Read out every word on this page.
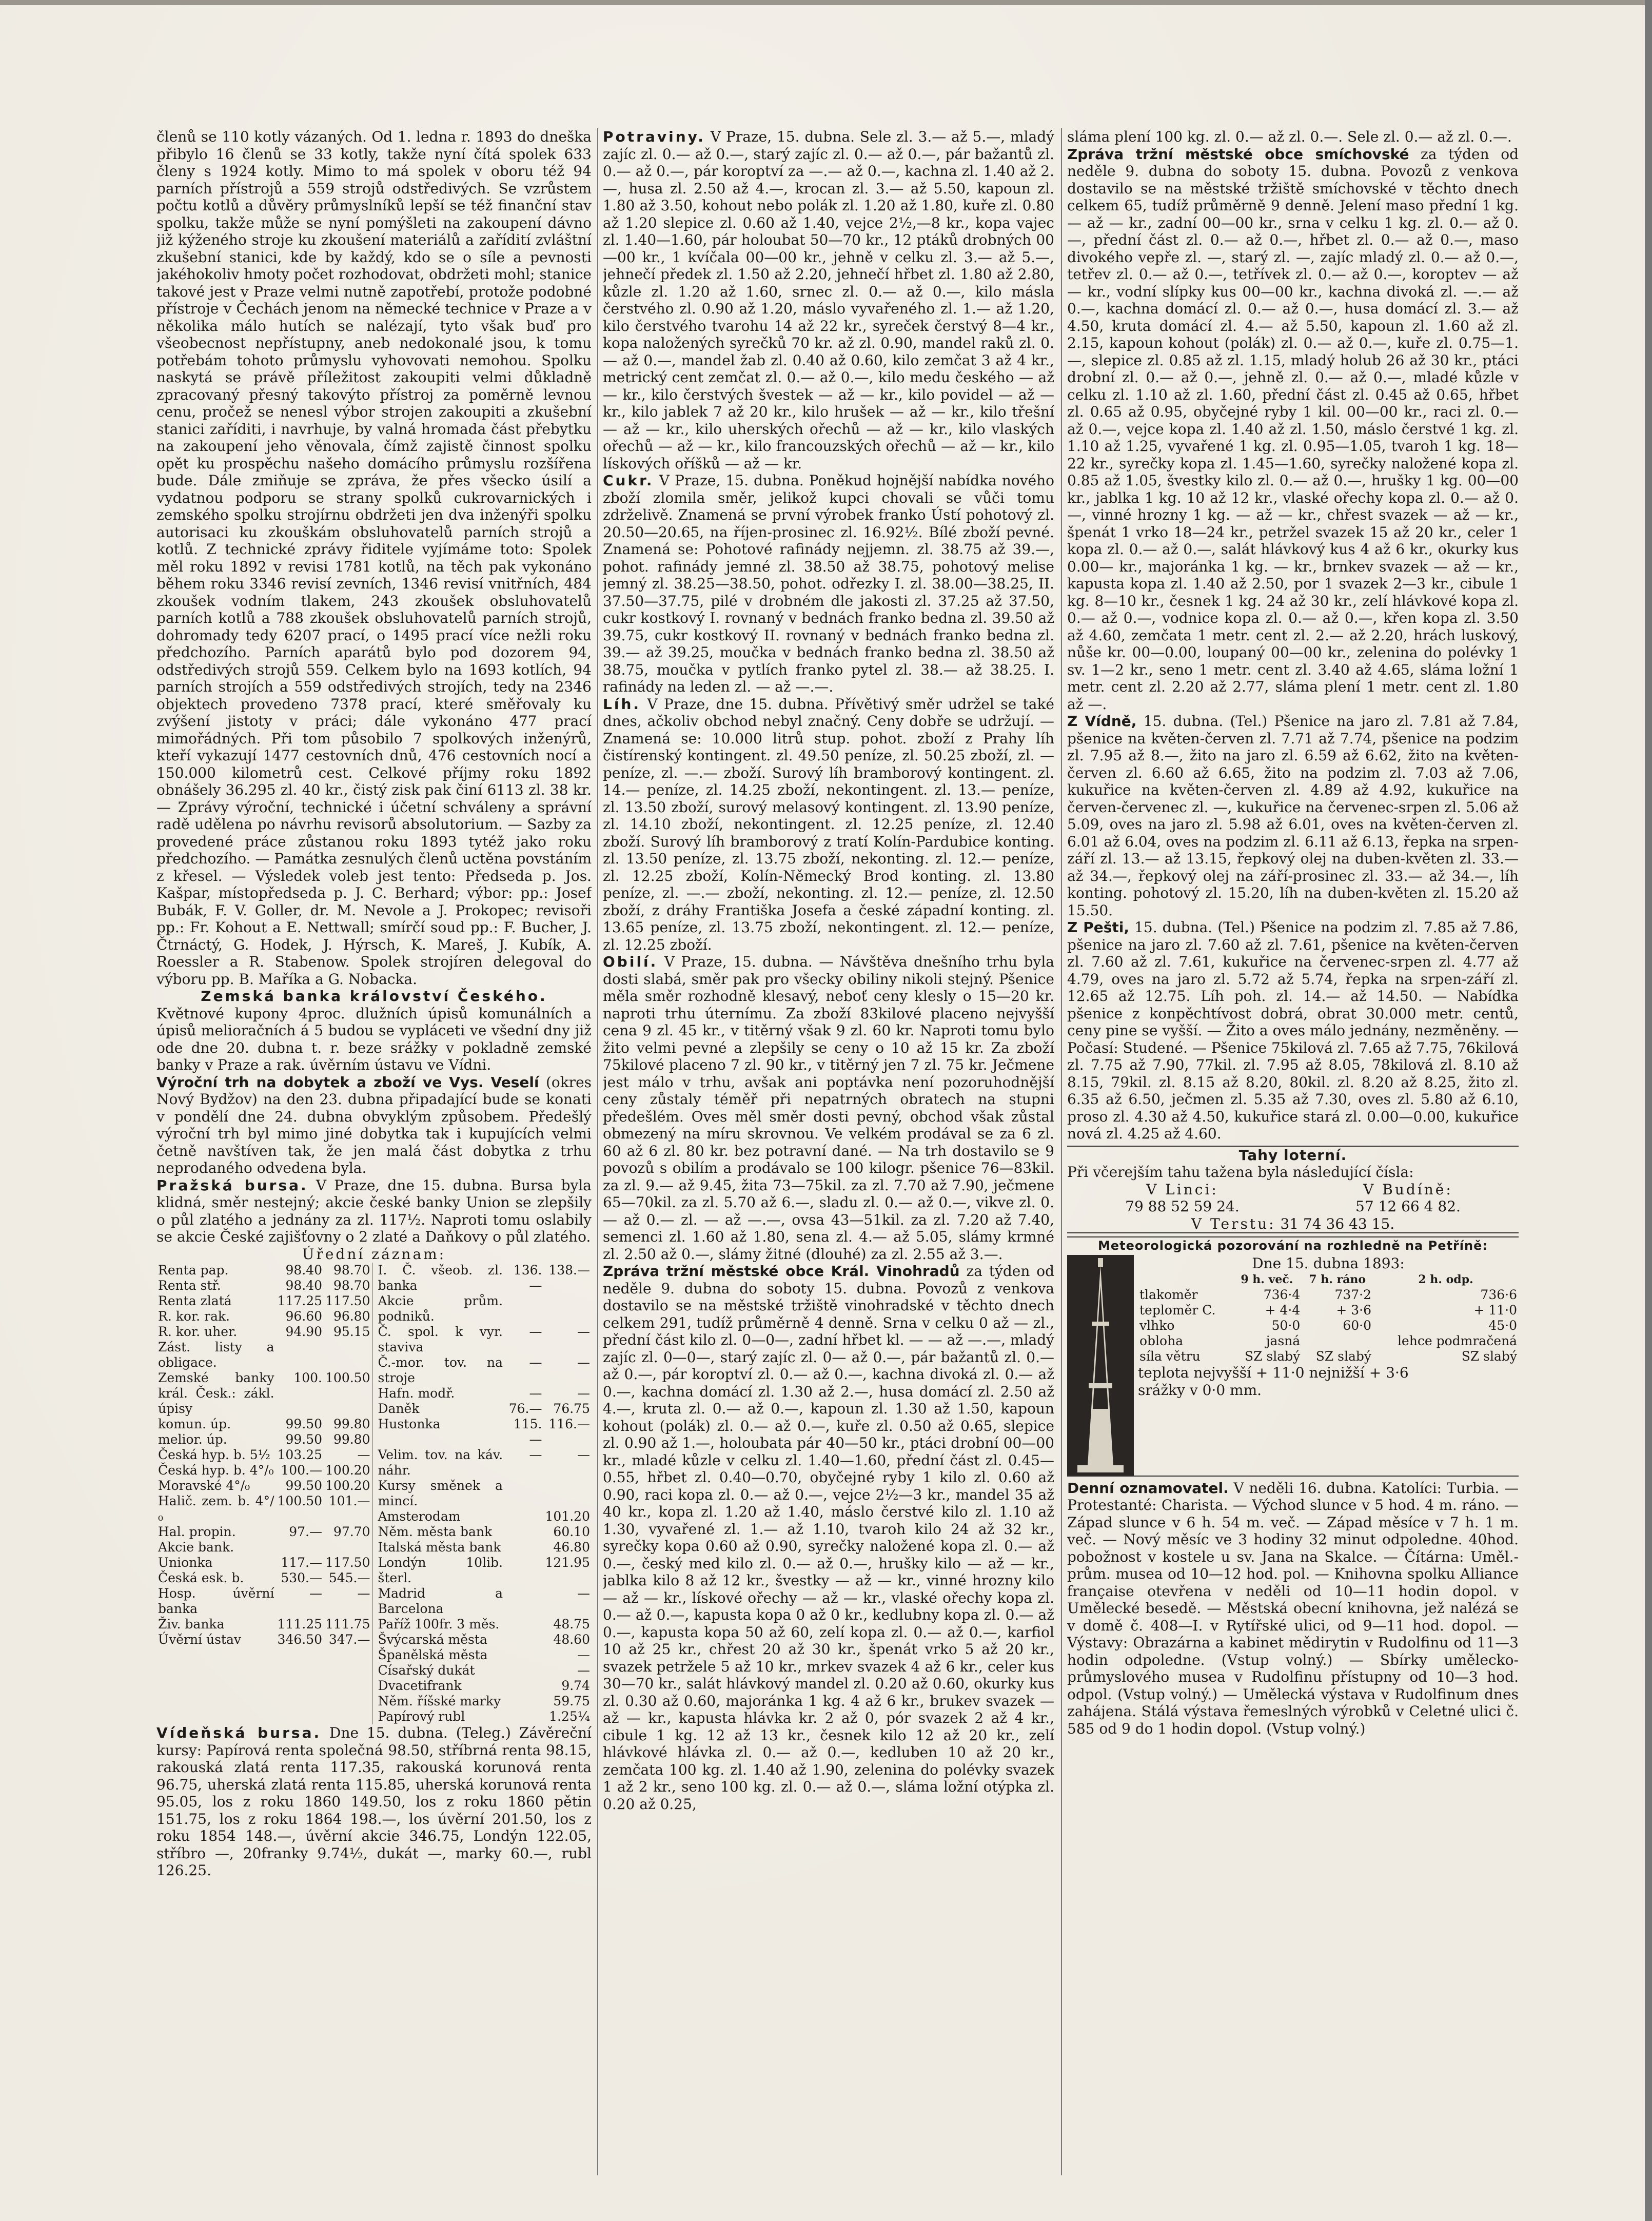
členů se 110 kotly vázaných. Od 1. ledna r. 1893 do dneška přibylo 16 členů se 33 kotly, takže nyní čítá spolek 633 členy s 1924 kotly. Mimo to má spolek v oboru též 94 parních přístrojů a 559 strojů odstředivých. Se vzrůstem počtu kotlů a důvěry průmyslníků lepší se též finanční stav spolku, takže může se nyní pomýšleti na zakoupení dávno již kýženého stroje ku zkoušení materiálů a zařídití zvláštní zkušební stanici, kde by každý, kdo se o síle a pevnosti jakéhokoliv hmoty počet rozhodovat, obdržeti mohl; stanice takové jest v Praze velmi nutně zapotřebí, protože podobné přístroje v Čechách jenom na německé technice v Praze a v několika málo hutích se nalézají, tyto však buď pro všeobecnost nepřístupny, aneb nedokonalé jsou, k tomu potřebám tohoto průmyslu vyhovovati nemohou. Spolku naskytá se právě příležitost zakoupiti velmi důkladně zpracovaný přesný takovýto přístroj za poměrně levnou cenu, pročež se nenesl výbor strojen zakoupiti a zkušební stanici zaříditi, i navrhuje, by valná hromada část přebytku na zakoupení jeho věnovala, čímž zajistě činnost spolku opět ku prospěchu našeho domácího průmyslu rozšířena bude. Dále zmiňuje se zpráva, že přes všecko úsilí a vydatnou podporu se strany spolků cukrovarnických i zemského spolku strojírnu obdržeti jen dva inženýři spolku autorisaci ku zkouškám obsluhovatelů parních strojů a kotlů. Z technické zprávy řiditele vyjímáme toto: Spolek měl roku 1892 v revisi 1781 kotlů, na těch pak vykonáno během roku 3346 revisí zevních, 1346 revisí vnitřních, 484 zkoušek vodním tlakem, 243 zkoušek obsluhovatelů parních kotlů a 788 zkoušek obsluhovatelů parních strojů, dohromady tedy 6207 prací, o 1495 prací více nežli roku předchozího. Parních aparátů bylo pod dozorem 94, odstředivých strojů 559. Celkem bylo na 1693 kotlích, 94 parních strojích a 559 odstředivých strojích, tedy na 2346 objektech provedeno 7378 prací, které směřovaly ku zvýšení jistoty v práci; dále vykonáno 477 prací mimořádných. Při tom působilo 7 spolkových inženýrů, kteří vykazují 1477 cestovních dnů, 476 cestovních nocí a 150.000 kilometrů cest. Celkové příjmy roku 1892 obnášely 36.295 zl. 40 kr., čistý zisk pak činí 6113 zl. 38 kr. — Zprávy výroční, technické i účetní schváleny a správní radě udělena po návrhu revisorů absolutorium. — Sazby za provedené práce zůstanou roku 1893 tytéž jako roku předchozího. — Památka zesnulých členů uctěna povstáním z křesel. — Výsledek voleb jest tento: Předseda p. Jos. Kašpar, místopředseda p. J. C. Berhard; výbor: pp.: Josef Bubák, F. V. Goller, dr. M. Nevole a J. Prokopec; revisoři pp.: Fr. Kohout a E. Nettwall; smírčí soud pp.: F. Bucher, J. Čtrnáctý, G. Hodek, J. Hýrsch, K. Mareš, J. Kubík, A. Roessler a R. Stabenow. Spolek strojíren delegoval do výboru pp. B. Maříka a G. Nobacka.

Zemská banka království Českého.

Květnové kupony 4proc. dlužních úpisů komunálních a úpisů melioračních á 5 budou se vypláceti ve všední dny již ode dne 20. dubna t. r. beze srážky v pokladně zemské banky v Praze a rak. úvěrním ústavu ve Vídni.

Výroční trh na dobytek a zboží ve Vys. Veselí (okres Nový Bydžov) na den 23. dubna připadající bude se konati v pondělí dne 24. dubna obvyklým způsobem. Předešlý výroční trh byl mimo jiné dobytka tak i kupujících velmi četně navštíven tak, že jen malá část dobytka z trhu neprodaného odvedena byla.

Pražská bursa. V Praze, dne 15. dubna. Bursa byla klidná, směr nestejný; akcie české banky Union se zlepšily o půl zlatého a jednány za zl. 117½. Naproti tomu oslabily se akcie České zajišťovny o 2 zlaté a Daňkovy o půl zlatého.

Úřední záznam:

Renta pap.	98.40	98.70
Renta stř.	98.40	98.70
Renta zlatá	117.25	117.50
R. kor. rak.	96.60	96.80
R. kor. uher.	94.90	95.15
Zást. listy a obligace.		
Zemské banky král. Česk.: zákl. úpisy	100.	100.50
komun. úp.	99.50	99.80
melior. úp.	99.50	99.80
Česká hyp. b. 5⅟₂	103.25	—
Česká hyp. b. 4°/₀	100.—	100.20
Moravské 4°/₀	99.50	100.20
Halič. zem. b. 4°/₀	100.50	101.—
Hal. propin.	97.—	97.70
Akcie bank.		
Unionka	117.—	117.50
Česká esk. b.	530.—	545.—
Hosp. úvěrní banka	—	—
Živ. banka	111.25	111.75
Úvěrní ústav	346.50	347.—
I. Č. všeob. zl. banka	136.—	138.—
Akcie prům. podniků.		
Č. spol. k vyr. staviva	—	—
Č.-mor. tov. na stroje	—	—
Hafn. modř.	—	—
Daněk	76.—	76.75
Hustonka	115.—	116.—
Velim. tov. na káv. náhr.	—	—
Kursy směnek a mincí.		
Amsterodam		101.20
Něm. města bank		60.10
Italská města bank		46.80
Londýn 10lib. šterl.		121.95
Madrid a Barcelona		—
Paříž 100fr. 3 měs.		48.75
Švýcarská města		48.60
Španělská města		—
Císařský dukát		—
Dvacetifrank		9.74
Něm. říšské marky		59.75
Papírový rubl		1.25⅟₄

Vídeňská bursa. Dne 15. dubna. (Teleg.) Závěreční kursy: Papírová renta společná 98.50, stříbrná renta 98.15, rakouská zlatá renta 117.35, rakouská korunová renta 96.75, uherská zlatá renta 115.85, uherská korunová renta 95.05, los z roku 1860 149.50, los z roku 1860 pětin 151.75, los z roku 1864 198.—, los úvěrní 201.50, los z roku 1854 148.—, úvěrní akcie 346.75, Londýn 122.05, stříbro —, 20franky 9.74⅟₂, dukát —, marky 60.—, rubl 126.25.

Potraviny. V Praze, 15. dubna. Sele zl. 3.— až 5.—, mladý zajíc zl. 0.— až 0.—, starý zajíc zl. 0.— až 0.—, pár bažantů zl. 0.— až 0.—, pár koroptví za —.— až 0.—, kachna zl. 1.40 až 2.—, husa zl. 2.50 až 4.—, krocan zl. 3.— až 5.50, kapoun zl. 1.80 až 3.50, kohout nebo polák zl. 1.20 až 1.80, kuře zl. 0.80 až 1.20 slepice zl. 0.60 až 1.40, vejce 2⅟₂,—8 kr., kopa vajec zl. 1.40—1.60, pár holoubat 50—70 kr., 12 ptáků drobných 00—00 kr., 1 kvíčala 00—00 kr., jehně v celku zl. 3.— až 5.—, jehnečí předek zl. 1.50 až 2.20, jehnečí hřbet zl. 1.80 až 2.80, kůzle zl. 1.20 až 1.60, srnec zl. 0.— až 0.—, kilo másla čerstvého zl. 0.90 až 1.20, máslo vyvařeného zl. 1.— až 1.20, kilo čerstvého tvarohu 14 až 22 kr., syreček čerstvý 8—4 kr., kopa naložených syrečků 70 kr. až zl. 0.90, mandel raků zl. 0.— až 0.—, mandel žab zl. 0.40 až 0.60, kilo zemčat 3 až 4 kr., metrický cent zemčat zl. 0.— až 0.—, kilo medu českého — až — kr., kilo čerstvých švestek — až — kr., kilo povidel — až — kr., kilo jablek 7 až 20 kr., kilo hrušek — až — kr., kilo třešní — až — kr., kilo uherských ořechů — až — kr., kilo vlaských ořechů — až — kr., kilo francouzských ořechů — až — kr., kilo lískových oříšků — až — kr.

Cukr. V Praze, 15. dubna. Poněkud hojnější nabídka nového zboží zlomila směr, jelikož kupci chovali se vůči tomu zdrželivě. Znamená se první výrobek franko Ústí pohotový zl. 20.50—20.65, na říjen-prosinec zl. 16.92⅟₂. Bílé zboží pevné. Znamená se: Pohotové rafinády nejjemn. zl. 38.75 až 39.—, pohot. rafinády jemné zl. 38.50 až 38.75, pohotový melise jemný zl. 38.25—38.50, pohot. odřezky I. zl. 38.00—38.25, II. 37.50—37.75, pilé v drobném dle jakosti zl. 37.25 až 37.50, cukr kostkový I. rovnaný v bednách franko bedna zl. 39.50 až 39.75, cukr kostkový II. rovnaný v bednách franko bedna zl. 39.— až 39.25, moučka v bednách franko bedna zl. 38.50 až 38.75, moučka v pytlích franko pytel zl. 38.— až 38.25. I. rafinády na leden zl. — až —.—.

Líh. V Praze, dne 15. dubna. Přívětivý směr udržel se také dnes, ačkoliv obchod nebyl značný. Ceny dobře se udržují. — Znamená se: 10.000 litrů stup. pohot. zboží z Prahy líh čistírenský kontingent. zl. 49.50 peníze, zl. 50.25 zboží, zl. — peníze, zl. —.— zboží. Surový líh bramborový kontingent. zl. 14.— peníze, zl. 14.25 zboží, nekontingent. zl. 13.— peníze, zl. 13.50 zboží, surový melasový kontingent. zl. 13.90 peníze, zl. 14.10 zboží, nekontingent. zl. 12.25 peníze, zl. 12.40 zboží. Surový líh bramborový z tratí Kolín-Pardubice konting. zl. 13.50 peníze, zl. 13.75 zboží, nekonting. zl. 12.— peníze, zl. 12.25 zboží, Kolín-Německý Brod konting. zl. 13.80 peníze, zl. —.— zboží, nekonting. zl. 12.— peníze, zl. 12.50 zboží, z dráhy Františka Josefa a české západní konting. zl. 13.65 peníze, zl. 13.75 zboží, nekontingent. zl. 12.— peníze, zl. 12.25 zboží.

Obilí. V Praze, 15. dubna. — Návštěva dnešního trhu byla dosti slabá, směr pak pro všecky obiliny nikoli stejný. Pšenice měla směr rozhodně klesavý, neboť ceny klesly o 15—20 kr. naproti trhu úternímu. Za zboží 83kilové placeno nejvyšší cena 9 zl. 45 kr., v titěrný však 9 zl. 60 kr. Naproti tomu bylo žito velmi pevné a zlepšily se ceny o 10 až 15 kr. Za zboží 75kilové placeno 7 zl. 90 kr., v titěrný jen 7 zl. 75 kr. Ječmene jest málo v trhu, avšak ani poptávka není pozoruhodnější ceny zůstaly téměř při nepatrných obratech na stupni předešlém. Oves měl směr dosti pevný, obchod však zůstal obmezený na míru skrovnou. Ve velkém prodával se za 6 zl. 60 až 6 zl. 80 kr. bez potravní dané. — Na trh dostavilo se 9 povozů s obilím a prodávalo se 100 kilogr. pšenice 76—83kil. za zl. 9.— až 9.45, žita 73—75kil. za zl. 7.70 až 7.90, ječmene 65—70kil. za zl. 5.70 až 6.—, sladu zl. 0.— až 0.—, vikve zl. 0.— až 0.— zl. — až —.—, ovsa 43—51kil. za zl. 7.20 až 7.40, semenci zl. 1.60 až 1.80, sena zl. 4.— až 5.05, slámy krmné zl. 2.50 až 0.—, slámy žitné (dlouhé) za zl. 2.55 až 3.—.

Zpráva tržní městské obce Král. Vinohradů za týden od neděle 9. dubna do soboty 15. dubna. Povozů z venkova dostavilo se na městské tržiště vinohradské v těchto dnech celkem 291, tudíž průměrně 4 denně. Srna v celku 0 až — zl., přední část kilo zl. 0—0—, zadní hřbet kl. — — až —.—, mladý zajíc zl. 0—0—, starý zajíc zl. 0— až 0.—, pár bažantů zl. 0.— až 0.—, pár koroptví zl. 0.— až 0.—, kachna divoká zl. 0.— až 0.—, kachna domácí zl. 1.30 až 2.—, husa domácí zl. 2.50 až 4.—, kruta zl. 0.— až 0.—, kapoun zl. 1.30 až 1.50, kapoun kohout (polák) zl. 0.— až 0.—, kuře zl. 0.50 až 0.65, slepice zl. 0.90 až 1.—, holoubata pár 40—50 kr., ptáci drobní 00—00 kr., mladé kůzle v celku zl. 1.40—1.60, přední část zl. 0.45—0.55, hřbet zl. 0.40—0.70, obyčejné ryby 1 kilo zl. 0.60 až 0.90, raci kopa zl. 0.— až 0.—, vejce 2⅟₂—3 kr., mandel 35 až 40 kr., kopa zl. 1.20 až 1.40, máslo čerstvé kilo zl. 1.10 až 1.30, vyvařené zl. 1.— až 1.10, tvaroh kilo 24 až 32 kr., syrečky kopa 0.60 až 0.90, syrečky naložené kopa zl. 0.— až 0.—, český med kilo zl. 0.— až 0.—, hrušky kilo — až — kr., jablka kilo 8 až 12 kr., švestky — až — kr., vinné hrozny kilo — až — kr., lískové ořechy — až — kr., vlaské ořechy kopa zl. 0.— až 0.—, kapusta kopa 0 až 0 kr., kedlubny kopa zl. 0.— až 0.—, kapusta kopa 50 až 60, zelí kopa zl. 0.— až 0.—, karfiol 10 až 25 kr., chřest 20 až 30 kr., špenát vrko 5 až 20 kr., svazek petržele 5 až 10 kr., mrkev svazek 4 až 6 kr., celer kus 30—70 kr., salát hlávkový mandel zl. 0.20 až 0.60, okurky kus zl. 0.30 až 0.60, majoránka 1 kg. 4 až 6 kr., brukev svazek — až — kr., kapusta hlávka kr. 2 až 0, pór svazek 2 až 4 kr., cibule 1 kg. 12 až 13 kr., česnek kilo 12 až 20 kr., zelí hlávkové hlávka zl. 0.— až 0.—, kedluben 10 až 20 kr., zemčata 100 kg. zl. 1.40 až 1.90, zelenina do polévky svazek 1 až 2 kr., seno 100 kg. zl. 0.— až 0.—, sláma ložní otýpka zl. 0.20 až 0.25,

sláma plení 100 kg. zl. 0.— až zl. 0.—. Sele zl. 0.— až zl. 0.—.

Zpráva tržní městské obce smíchovské za týden od neděle 9. dubna do soboty 15. dubna. Povozů z venkova dostavilo se na městské tržiště smíchovské v těchto dnech celkem 65, tudíž průměrně 9 denně. Jelení maso přední 1 kg. — až — kr., zadní 00—00 kr., srna v celku 1 kg. zl. 0.— až 0.—, přední část zl. 0.— až 0.—, hřbet zl. 0.— až 0.—, maso divokého vepře zl. —, starý zl. —, zajíc mladý zl. 0.— až 0.—, tetřev zl. 0.— až 0.—, tetřívek zl. 0.— až 0.—, koroptev — až — kr., vodní slípky kus 00—00 kr., kachna divoká zl. —.— až 0.—, kachna domácí zl. 0.— až 0.—, husa domácí zl. 3.— až 4.50, kruta domácí zl. 4.— až 5.50, kapoun zl. 1.60 až zl. 2.15, kapoun kohout (polák) zl. 0.— až 0.—, kuře zl. 0.75—1.—, slepice zl. 0.85 až zl. 1.15, mladý holub 26 až 30 kr., ptáci drobní zl. 0.— až 0.—, jehně zl. 0.— až 0.—, mladé kůzle v celku zl. 1.10 až zl. 1.60, přední část zl. 0.45 až 0.65, hřbet zl. 0.65 až 0.95, obyčejné ryby 1 kil. 00—00 kr., raci zl. 0.— až 0.—, vejce kopa zl. 1.40 až zl. 1.50, máslo čerstvé 1 kg. zl. 1.10 až 1.25, vyvařené 1 kg. zl. 0.95—1.05, tvaroh 1 kg. 18—22 kr., syrečky kopa zl. 1.45—1.60, syrečky naložené kopa zl. 0.85 až 1.05, švestky kilo zl. 0.— až 0.—, hrušky 1 kg. 00—00 kr., jablka 1 kg. 10 až 12 kr., vlaské ořechy kopa zl. 0.— až 0.—, vinné hrozny 1 kg. — až — kr., chřest svazek — až — kr., špenát 1 vrko 18—24 kr., petržel svazek 15 až 20 kr., celer 1 kopa zl. 0.— až 0.—, salát hlávkový kus 4 až 6 kr., okurky kus 0.00— kr., majoránka 1 kg. — kr., brnkev svazek — až — kr., kapusta kopa zl. 1.40 až 2.50, por 1 svazek 2—3 kr., cibule 1 kg. 8—10 kr., česnek 1 kg. 24 až 30 kr., zelí hlávkové kopa zl. 0.— až 0.—, vodnice kopa zl. 0.— až 0.—, křen kopa zl. 3.50 až 4.60, zemčata 1 metr. cent zl. 2.— až 2.20, hrách luskový, nůše kr. 00—0.00, loupaný 00—00 kr., zelenina do polévky 1 sv. 1—2 kr., seno 1 metr. cent zl. 3.40 až 4.65, sláma ložní 1 metr. cent zl. 2.20 až 2.77, sláma plení 1 metr. cent zl. 1.80 až —.

Z Vídně, 15. dubna. (Tel.) Pšenice na jaro zl. 7.81 až 7.84, pšenice na květen-červen zl. 7.71 až 7.74, pšenice na podzim zl. 7.95 až 8.—, žito na jaro zl. 6.59 až 6.62, žito na květen-červen zl. 6.60 až 6.65, žito na podzim zl. 7.03 až 7.06, kukuřice na květen-červen zl. 4.89 až 4.92, kukuřice na červen-červenec zl. —, kukuřice na červenec-srpen zl. 5.06 až 5.09, oves na jaro zl. 5.98 až 6.01, oves na květen-červen zl. 6.01 až 6.04, oves na podzim zl. 6.11 až 6.13, řepka na srpen-září zl. 13.— až 13.15, řepkový olej na duben-květen zl. 33.— až 34.—, řepkový olej na září-prosinec zl. 33.— až 34.—, líh konting. pohotový zl. 15.20, líh na duben-květen zl. 15.20 až 15.50.

Z Pešti, 15. dubna. (Tel.) Pšenice na podzim zl. 7.85 až 7.86, pšenice na jaro zl. 7.60 až zl. 7.61, pšenice na květen-červen zl. 7.60 až zl. 7.61, kukuřice na červenec-srpen zl. 4.77 až 4.79, oves na jaro zl. 5.72 až 5.74, řepka na srpen-září zl. 12.65 až 12.75. Líh poh. zl. 14.— až 14.50. — Nabídka pšenice z konpěchtívost dobrá, obrat 30.000 metr. centů, ceny pine se vyšší. — Žito a oves málo jednány, nezměněny. — Počasí: Studené. — Pšenice 75kilová zl. 7.65 až 7.75, 76kilová zl. 7.75 až 7.90, 77kil. zl. 7.95 až 8.05, 78kilová zl. 8.10 až 8.15, 79kil. zl. 8.15 až 8.20, 80kil. zl. 8.20 až 8.25, žito zl. 6.35 až 6.50, ječmen zl. 5.35 až 7.30, oves zl. 5.80 až 6.10, proso zl. 4.30 až 4.50, kukuřice stará zl. 0.00—0.00, kukuřice nová zl. 4.25 až 4.60.

Tahy loterní.

Při včerejším tahu tažena byla následující čísla:

V Linci:
79 88 52 59 24.
V Budíně:
57 12 66 4 82.
V Terstu: 31 74 36 43 15.

Meteorologická pozorování na rozhledně na Petříně:

Dne 15. dubna 1893:
	9 h. več.	7 h. ráno	2 h. odp.
tlakoměr	736·4	737·2	736·6
teploměr C.	+ 4·4	+ 3·6	+ 11·0
vlhko	50·0	60·0	45·0
obloha	jasná		lehce podmračená
síla větru	SZ slabý	SZ slabý	SZ slabý
teplota nejvyšší + 11·0 nejnižší + 3·6
srážky v 0·0 mm.

Denní oznamovatel. V neděli 16. dubna. Katolíci: Turbia. — Protestanté: Charista. — Východ slunce v 5 hod. 4 m. ráno. — Západ slunce v 6 h. 54 m. več. — Západ měsíce v 7 h. 1 m. več. — Nový měsíc ve 3 hodiny 32 minut odpoledne. 40hod. pobožnost v kostele u sv. Jana na Skalce. — Čítárna: Uměl.-prům. musea od 10—12 hod. pol. — Knihovna spolku Alliance française otevřena v neděli od 10—11 hodin dopol. v Umělecké besedě. — Městská obecní knihovna, jež nalézá se v domě č. 408—I. v Rytířské ulici, od 9—11 hod. dopol. — Výstavy: Obrazárna a kabinet mědirytin v Rudolfinu od 11—3 hodin odpoledne. (Vstup volný.) — Sbírky umělecko-průmyslového musea v Rudolfinu přístupny od 10—3 hod. odpol. (Vstup volný.) — Umělecká výstava v Rudolfinum dnes zahájena. Stálá výstava řemeslných výrobků v Celetné ulici č. 585 od 9 do 1 hodin dopol. (Vstup volný.)
